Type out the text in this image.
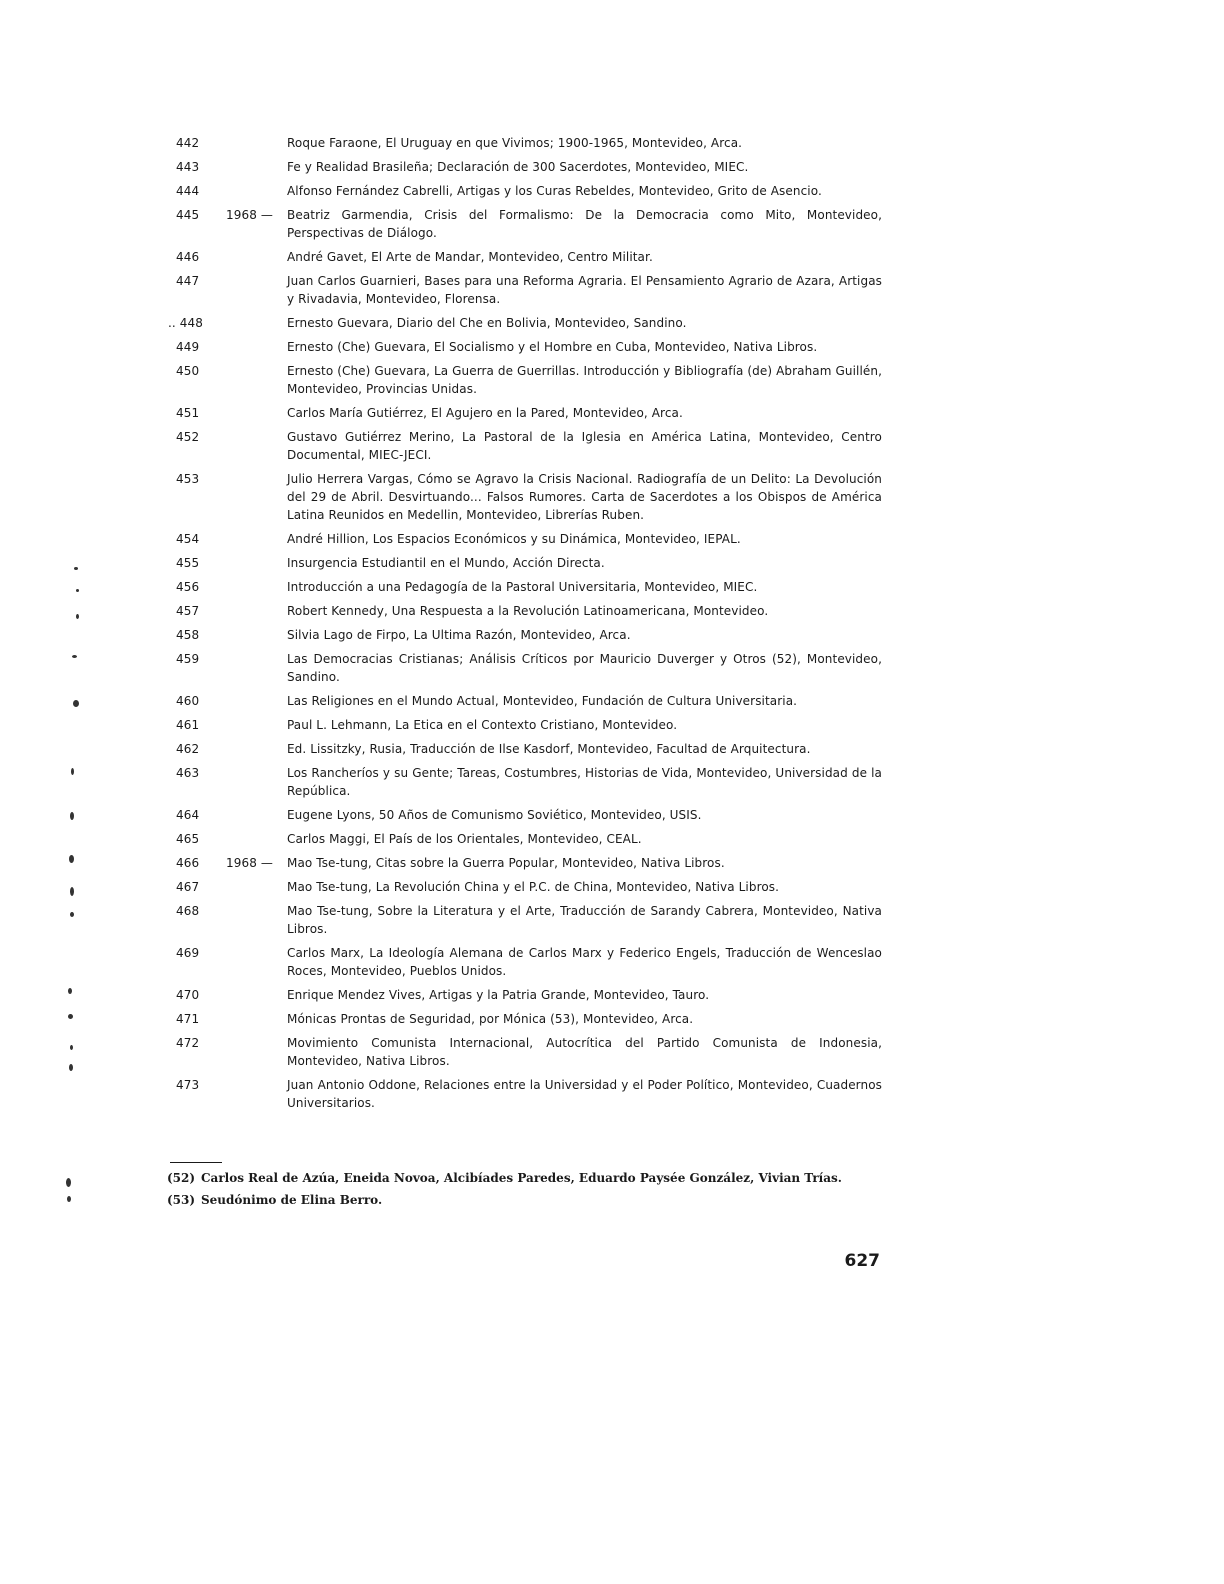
442	Roque Faraone, El Uruguay en que Vivimos; 1900-1965, Montevideo, Arca.
443	Fe y Realidad Brasileña; Declaración de 300 Sacerdotes, Montevideo, MIEC.
444	Alfonso Fernández Cabrelli, Artigas y los Curas Rebeldes, Montevideo, Grito de Asencio.
445	1968 — Beatriz Garmendia, Crisis del Formalismo: De la Democracia como Mito, Montevideo, Perspectivas de Diálogo.
446	André Gavet, El Arte de Mandar, Montevideo, Centro Militar.
447	Juan Carlos Guarnieri, Bases para una Reforma Agraria. El Pensamiento Agrario de Azara, Artigas y Rivadavia, Montevideo, Florensa.
.. 448	Ernesto Guevara, Diario del Che en Bolivia, Montevideo, Sandino.
449	Ernesto (Che) Guevara, El Socialismo y el Hombre en Cuba, Montevideo, Nativa Libros.
450	Ernesto (Che) Guevara, La Guerra de Guerrillas. Introducción y Bibliografía (de) Abraham Guillén, Montevideo, Provincias Unidas.
451	Carlos María Gutiérrez, El Agujero en la Pared, Montevideo, Arca.
452	Gustavo Gutiérrez Merino, La Pastoral de la Iglesia en América Latina, Montevideo, Centro Documental, MIEC-JECI.
453	Julio Herrera Vargas, Cómo se Agravo la Crisis Nacional. Radiografía de un Delito: La Devolución del 29 de Abril. Desvirtuando... Falsos Rumores. Carta de Sacerdotes a los Obispos de América Latina Reunidos en Medellin, Montevideo, Librerías Ruben.
454	André Hillion, Los Espacios Económicos y su Dinámica, Montevideo, IEPAL.
455	Insurgencia Estudiantil en el Mundo, Acción Directa.
456	Introducción a una Pedagogía de la Pastoral Universitaria, Montevideo, MIEC.
457	Robert Kennedy, Una Respuesta a la Revolución Latinoamericana, Montevideo.
458	Silvia Lago de Firpo, La Ultima Razón, Montevideo, Arca.
459	Las Democracias Cristianas; Análisis Críticos por Mauricio Duverger y Otros (52), Montevideo, Sandino.
460	Las Religiones en el Mundo Actual, Montevideo, Fundación de Cultura Universitaria.
461	Paul L. Lehmann, La Etica en el Contexto Cristiano, Montevideo.
462	Ed. Lissitzky, Rusia, Traducción de Ilse Kasdorf, Montevideo, Facultad de Arquitectura.
463	Los Rancheríos y su Gente; Tareas, Costumbres, Historias de Vida, Montevideo, Universidad de la República.
464	Eugene Lyons, 50 Años de Comunismo Soviético, Montevideo, USIS.
465	Carlos Maggi, El País de los Orientales, Montevideo, CEAL.
466	1968 — Mao Tse-tung, Citas sobre la Guerra Popular, Montevideo, Nativa Libros.
467	Mao Tse-tung, La Revolución China y el P.C. de China, Montevideo, Nativa Libros.
468	Mao Tse-tung, Sobre la Literatura y el Arte, Traducción de Sarandy Cabrera, Montevideo, Nativa Libros.
469	Carlos Marx, La Ideología Alemana de Carlos Marx y Federico Engels, Traducción de Wenceslao Roces, Montevideo, Pueblos Unidos.
470	Enrique Mendez Vives, Artigas y la Patria Grande, Montevideo, Tauro.
471	Mónicas Prontas de Seguridad, por Mónica (53), Montevideo, Arca.
472	Movimiento Comunista Internacional, Autocrítica del Partido Comunista de Indonesia, Montevideo, Nativa Libros.
473	Juan Antonio Oddone, Relaciones entre la Universidad y el Poder Político, Montevideo, Cuadernos Universitarios.
(52) Carlos Real de Azúa, Eneida Novoa, Alcibíades Paredes, Eduardo Paysée González, Vivian Trías.
(53) Seudónimo de Elina Berro.
627
